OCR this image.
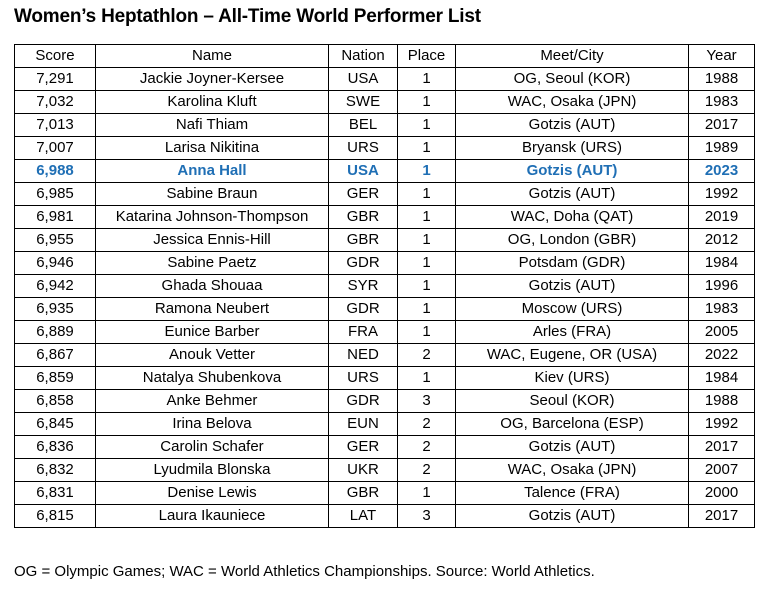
Women’s Heptathlon – All-Time World Performer List
Score	Name	Nation	Place	Meet/City	Year
7,291	Jackie Joyner-Kersee	USA	1	OG, Seoul (KOR)	1988
7,032	Karolina Kluft	SWE	1	WAC, Osaka (JPN)	1983
7,013	Nafi Thiam	BEL	1	Gotzis (AUT)	2017
7,007	Larisa Nikitina	URS	1	Bryansk (URS)	1989
6,988	Anna Hall	USA	1	Gotzis (AUT)	2023
6,985	Sabine Braun	GER	1	Gotzis (AUT)	1992
6,981	Katarina Johnson-Thompson	GBR	1	WAC, Doha (QAT)	2019
6,955	Jessica Ennis-Hill	GBR	1	OG, London (GBR)	2012
6,946	Sabine Paetz	GDR	1	Potsdam (GDR)	1984
6,942	Ghada Shouaa	SYR	1	Gotzis (AUT)	1996
6,935	Ramona Neubert	GDR	1	Moscow (URS)	1983
6,889	Eunice Barber	FRA	1	Arles (FRA)	2005
6,867	Anouk Vetter	NED	2	WAC, Eugene, OR (USA)	2022
6,859	Natalya Shubenkova	URS	1	Kiev (URS)	1984
6,858	Anke Behmer	GDR	3	Seoul (KOR)	1988
6,845	Irina Belova	EUN	2	OG, Barcelona (ESP)	1992
6,836	Carolin Schafer	GER	2	Gotzis (AUT)	2017
6,832	Lyudmila Blonska	UKR	2	WAC, Osaka (JPN)	2007
6,831	Denise Lewis	GBR	1	Talence (FRA)	2000
6,815	Laura Ikauniece	LAT	3	Gotzis (AUT)	2017
OG = Olympic Games; WAC = World Athletics Championships. Source: World Athletics.
